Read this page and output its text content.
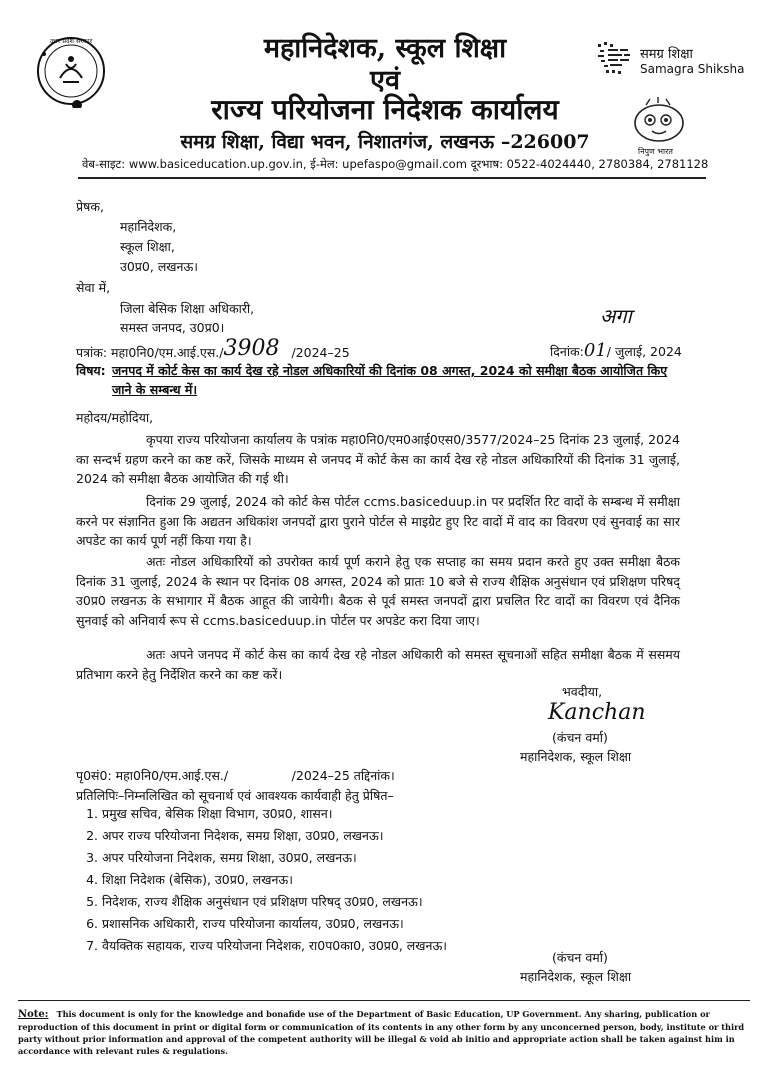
उत्तर प्रदेश सरकार	महानिदेशक, स्कूल शिक्षा
एवं
राज्य परियोजना निदेशक कार्यालय
समग्र शिक्षा, विद्या भवन, निशातगंज, लखनऊ –226007
समग्र शिक्षा
Samagra Shiksha
निपुण भारत
वेब-साइट: www.basiceducation.up.gov.in, ई-मेल: upefaspo@gmail.com दूरभाष: 0522-4024440, 2780384, 2781128
प्रेषक,
महानिदेशक,
स्कूल शिक्षा,
उ0प्र0, लखनऊ।
सेवा में,
जिला बेसिक शिक्षा अधिकारी,
समस्त जनपद, उ0प्र0।	अगा
पत्रांक: महा0नि0/एम.आई.एस./3908 /2024–25	दिनांक:01/ जुलाई, 2024
विषय: जनपद में कोर्ट केस का कार्य देख रहे नोडल अधिकारियों की दिनांक 08 अगस्त, 2024 को समीक्षा बैठक आयोजित किए जाने के सम्बन्ध में।
महोदय/महोदिया,
कृपया राज्य परियोजना कार्यालय के पत्रांक महा0नि0/एम0आई0एस0/3577/2024–25 दिनांक 23 जुलाई, 2024 का सन्दर्भ ग्रहण करने का कष्ट करें, जिसके माध्यम से जनपद में कोर्ट केस का कार्य देख रहे नोडल अधिकारियों की दिनांक 31 जुलाई, 2024 को समीक्षा बैठक आयोजित की गई थी।
दिनांक 29 जुलाई, 2024 को कोर्ट केस पोर्टल ccms.basiceduup.in पर प्रदर्शित रिट वादों के सम्बन्ध में समीक्षा करने पर संज्ञानित हुआ कि अद्यतन अधिकांश जनपदों द्वारा पुराने पोर्टल से माइग्रेट हुए रिट वादों में वाद का विवरण एवं सुनवाई का सार अपडेट का कार्य पूर्ण नहीं किया गया है।
अतः नोडल अधिकारियों को उपरोक्त कार्य पूर्ण कराने हेतु एक सप्ताह का समय प्रदान करते हुए उक्त समीक्षा बैठक दिनांक 31 जुलाई, 2024 के स्थान पर दिनांक 08 अगस्त, 2024 को प्रातः 10 बजे से राज्य शैक्षिक अनुसंधान एवं प्रशिक्षण परिषद् उ0प्र0 लखनऊ के सभागार में बैठक आहूत की जायेगी। बैठक से पूर्व समस्त जनपदों द्वारा प्रचलित रिट वादों का विवरण एवं दैनिक सुनवाई को अनिवार्य रूप से ccms.basiceduup.in पोर्टल पर अपडेट करा दिया जाए।
अतः अपने जनपद में कोर्ट केस का कार्य देख रहे नोडल अधिकारी को समस्त सूचनाओं सहित समीक्षा बैठक में ससमय प्रतिभाग करने हेतु निर्देशित करने का कष्ट करें।
भवदीया,
Kanchan
(कंचन वर्मा)
महानिदेशक, स्कूल शिक्षा
पृ0सं0: महा0नि0/एम.आई.एस./                /2024–25 तद्दिनांक।
प्रतिलिपिः–निम्नलिखित को सूचनार्थ एवं आवश्यक कार्यवाही हेतु प्रेषित–
1. प्रमुख सचिव, बेसिक शिक्षा विभाग, उ0प्र0, शासन।
2. अपर राज्य परियोजना निदेशक, समग्र शिक्षा, उ0प्र0, लखनऊ।
3. अपर परियोजना निदेशक, समग्र शिक्षा, उ0प्र0, लखनऊ।
4. शिक्षा निदेशक (बेसिक), उ0प्र0, लखनऊ।
5. निदेशक, राज्य शैक्षिक अनुसंधान एवं प्रशिक्षण परिषद् उ0प्र0, लखनऊ।
6. प्रशासनिक अधिकारी, राज्य परियोजना कार्यालय, उ0प्र0, लखनऊ।
7. वैयक्तिक सहायक, राज्य परियोजना निदेशक, रा0प0का0, उ0प्र0, लखनऊ।
(कंचन वर्मा)
महानिदेशक, स्कूल शिक्षा
Note: This document is only for the knowledge and bonafide use of the Department of Basic Education, UP Government. Any sharing, publication or reproduction of this document in print or digital form or communication of its contents in any other form by any unconcerned person, body, institute or third party without prior information and approval of the competent authority will be illegal & void ab initio and appropriate action shall be taken against him in accordance with relevant rules & regulations.
